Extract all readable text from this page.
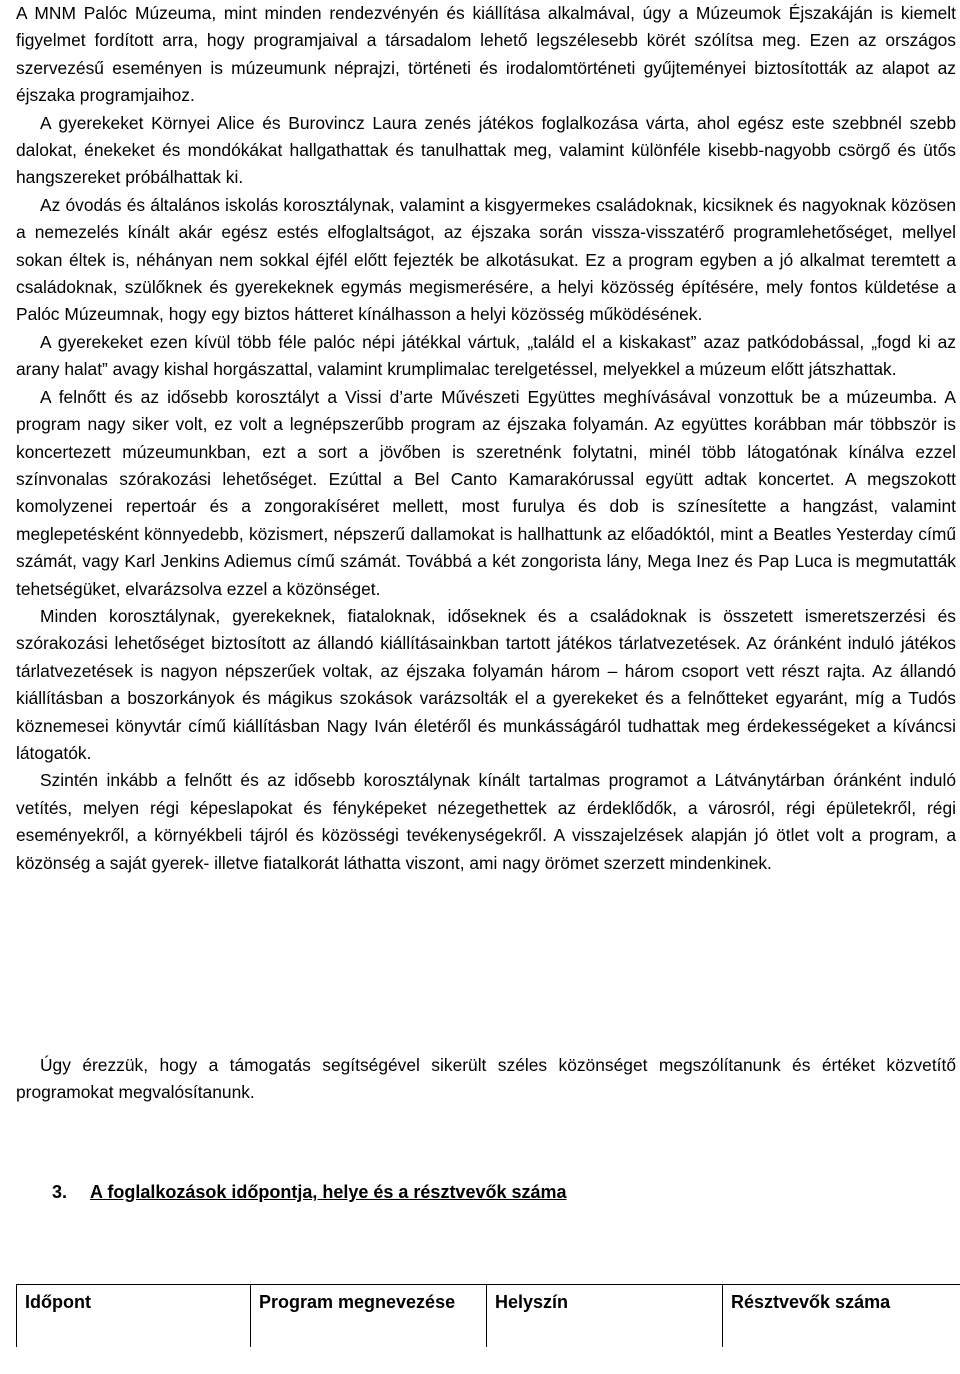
A MNM Palóc Múzeuma, mint minden rendezvényén és kiállítása alkalmával, úgy a Múzeumok Éjszakáján is kiemelt figyelmet fordított arra, hogy programjaival a társadalom lehető legszélesebb körét szólítsa meg. Ezen az országos szervezésű eseményen is múzeumunk néprajzi, történeti és irodalomtörténeti gyűjteményei biztosították az alapot az éjszaka programjaihoz.

A gyerekeket Környei Alice és Burovincz Laura zenés játékos foglalkozása várta, ahol egész este szebbnél szebb dalokat, énekeket és mondókákat hallgathattak és tanulhattak meg, valamint különféle kisebb-nagyobb csörgő és ütős hangszereket próbálhattak ki.

Az óvodás és általános iskolás korosztálynak, valamint a kisgyermekes családoknak, kicsiknek és nagyoknak közösen a nemezelés kínált akár egész estés elfoglaltságot, az éjszaka során vissza-visszatérő programlehetőséget, mellyel sokan éltek is, néhányan nem sokkal éjfél előtt fejezték be alkotásukat. Ez a program egyben a jó alkalmat teremtett a családoknak, szülőknek és gyerekeknek egymás megismerésére, a helyi közösség építésére, mely fontos küldetése a Palóc Múzeumnak, hogy egy biztos hátteret kínálhasson a helyi közösség működésének.

A gyerekeket ezen kívül több féle palóc népi játékkal vártuk, „találd el a kiskakast” azaz patkódobással, „fogd ki az arany halat” avagy kishal horgászattal, valamint krumplimalac terelgetéssel, melyekkel a múzeum előtt játszhattak.

A felnőtt és az idősebb korosztályt a Vissi d’arte Művészeti Együttes meghívásával vonzottuk be a múzeumba. A program nagy siker volt, ez volt a legnépszerűbb program az éjszaka folyamán. Az együttes korábban már többször is koncertezett múzeumunkban, ezt a sort a jövőben is szeretnénk folytatni, minél több látogatónak kínálva ezzel színvonalas szórakozási lehetőséget. Ezúttal a Bel Canto Kamarakórussal együtt adtak koncertet. A megszokott komolyzenei repertoár és a zongorakíséret mellett, most furulya és dob is színesítette a hangzást, valamint meglepetésként könnyedebb, közismert, népszerű dallamokat is hallhattunk az előadóktól, mint a Beatles Yesterday című számát, vagy Karl Jenkins Adiemus című számát. Továbbá a két zongorista lány, Mega Inez és Pap Luca is megmutatták tehetségüket, elvarázsolva ezzel a közönséget.

Minden korosztálynak, gyerekeknek, fiataloknak, időseknek és a családoknak is összetett ismeretszerzési és szórakozási lehetőséget biztosított az állandó kiállításainkban tartott játékos tárlatvezetések. Az óránként induló játékos tárlatvezetések is nagyon népszerűek voltak, az éjszaka folyamán három – három csoport vett részt rajta. Az állandó kiállításban a boszorkányok és mágikus szokások varázsolták el a gyerekeket és a felnőtteket egyaránt, míg a Tudós köznemesei könyvtár című kiállításban Nagy Iván életéről és munkásságáról tudhattak meg érdekességeket a kíváncsi látogatók.

Szintén inkább a felnőtt és az idősebb korosztálynak kínált tartalmas programot a Látványtárban óránként induló vetítés, melyen régi képeslapokat és fényképeket nézegethettek az érdeklődők, a városról, régi épületekről, régi eseményekről, a környékbeli tájról és közösségi tevékenységekről. A visszajelzések alapján jó ötlet volt a program, a közönség a saját gyerek- illetve fiatalkorát láthatta viszont, ami nagy örömet szerzett mindenkinek.

Úgy érezzük, hogy a támogatás segítségével sikerült széles közönséget megszólítanunk és értéket közvetítő programokat megvalósítanunk.

3. A foglalkozások időpontja, helye és a résztvevők száma
Időpont	Program megnevezése	Helyszín	Résztvevők száma
